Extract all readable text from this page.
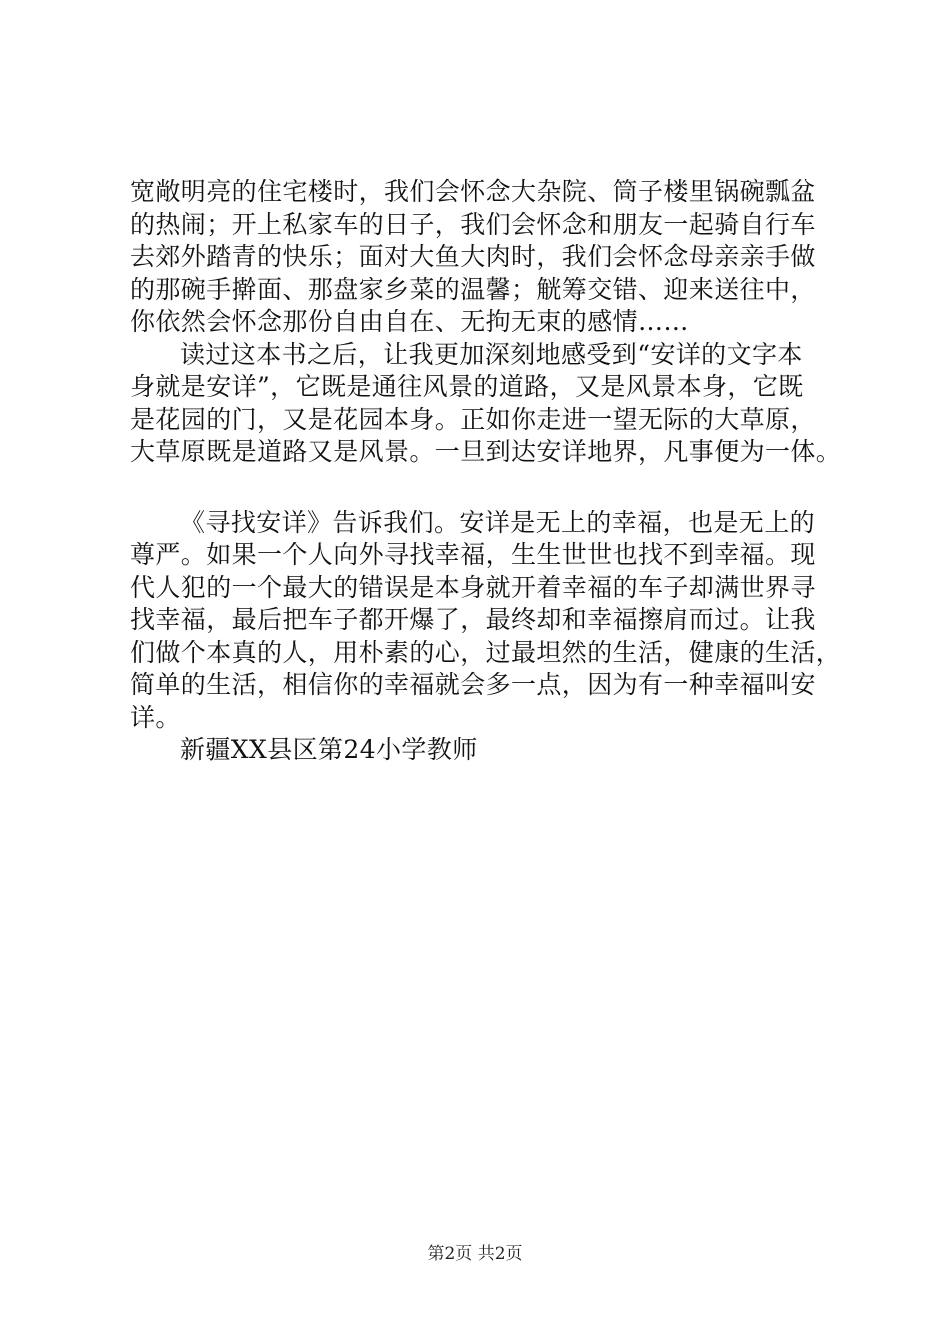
宽敞明亮的住宅楼时，我们会怀念大杂院、筒子楼里锅碗瓢盆
的热闹；开上私家车的日子，我们会怀念和朋友一起骑自行车
去郊外踏青的快乐；面对大鱼大肉时，我们会怀念母亲亲手做
的那碗手擀面、那盘家乡菜的温馨；觥筹交错、迎来送往中，
你依然会怀念那份自由自在、无拘无束的感情……
读过这本书之后，让我更加深刻地感受到“安详的文字本
身就是安详”，它既是通往风景的道路，又是风景本身，它既
是花园的门，又是花园本身。正如你走进一望无际的大草原，
大草原既是道路又是风景。一旦到达安详地界，凡事便为一体。
《寻找安详》告诉我们。安详是无上的幸福，也是无上的
尊严。如果一个人向外寻找幸福，生生世世也找不到幸福。现
代人犯的一个最大的错误是本身就开着幸福的车子却满世界寻
找幸福，最后把车子都开爆了，最终却和幸福擦肩而过。让我
们做个本真的人，用朴素的心，过最坦然的生活，健康的生活，
简单的生活，相信你的幸福就会多一点，因为有一种幸福叫安
详。
新疆XX县区第24小学教师
第2页 共2页
